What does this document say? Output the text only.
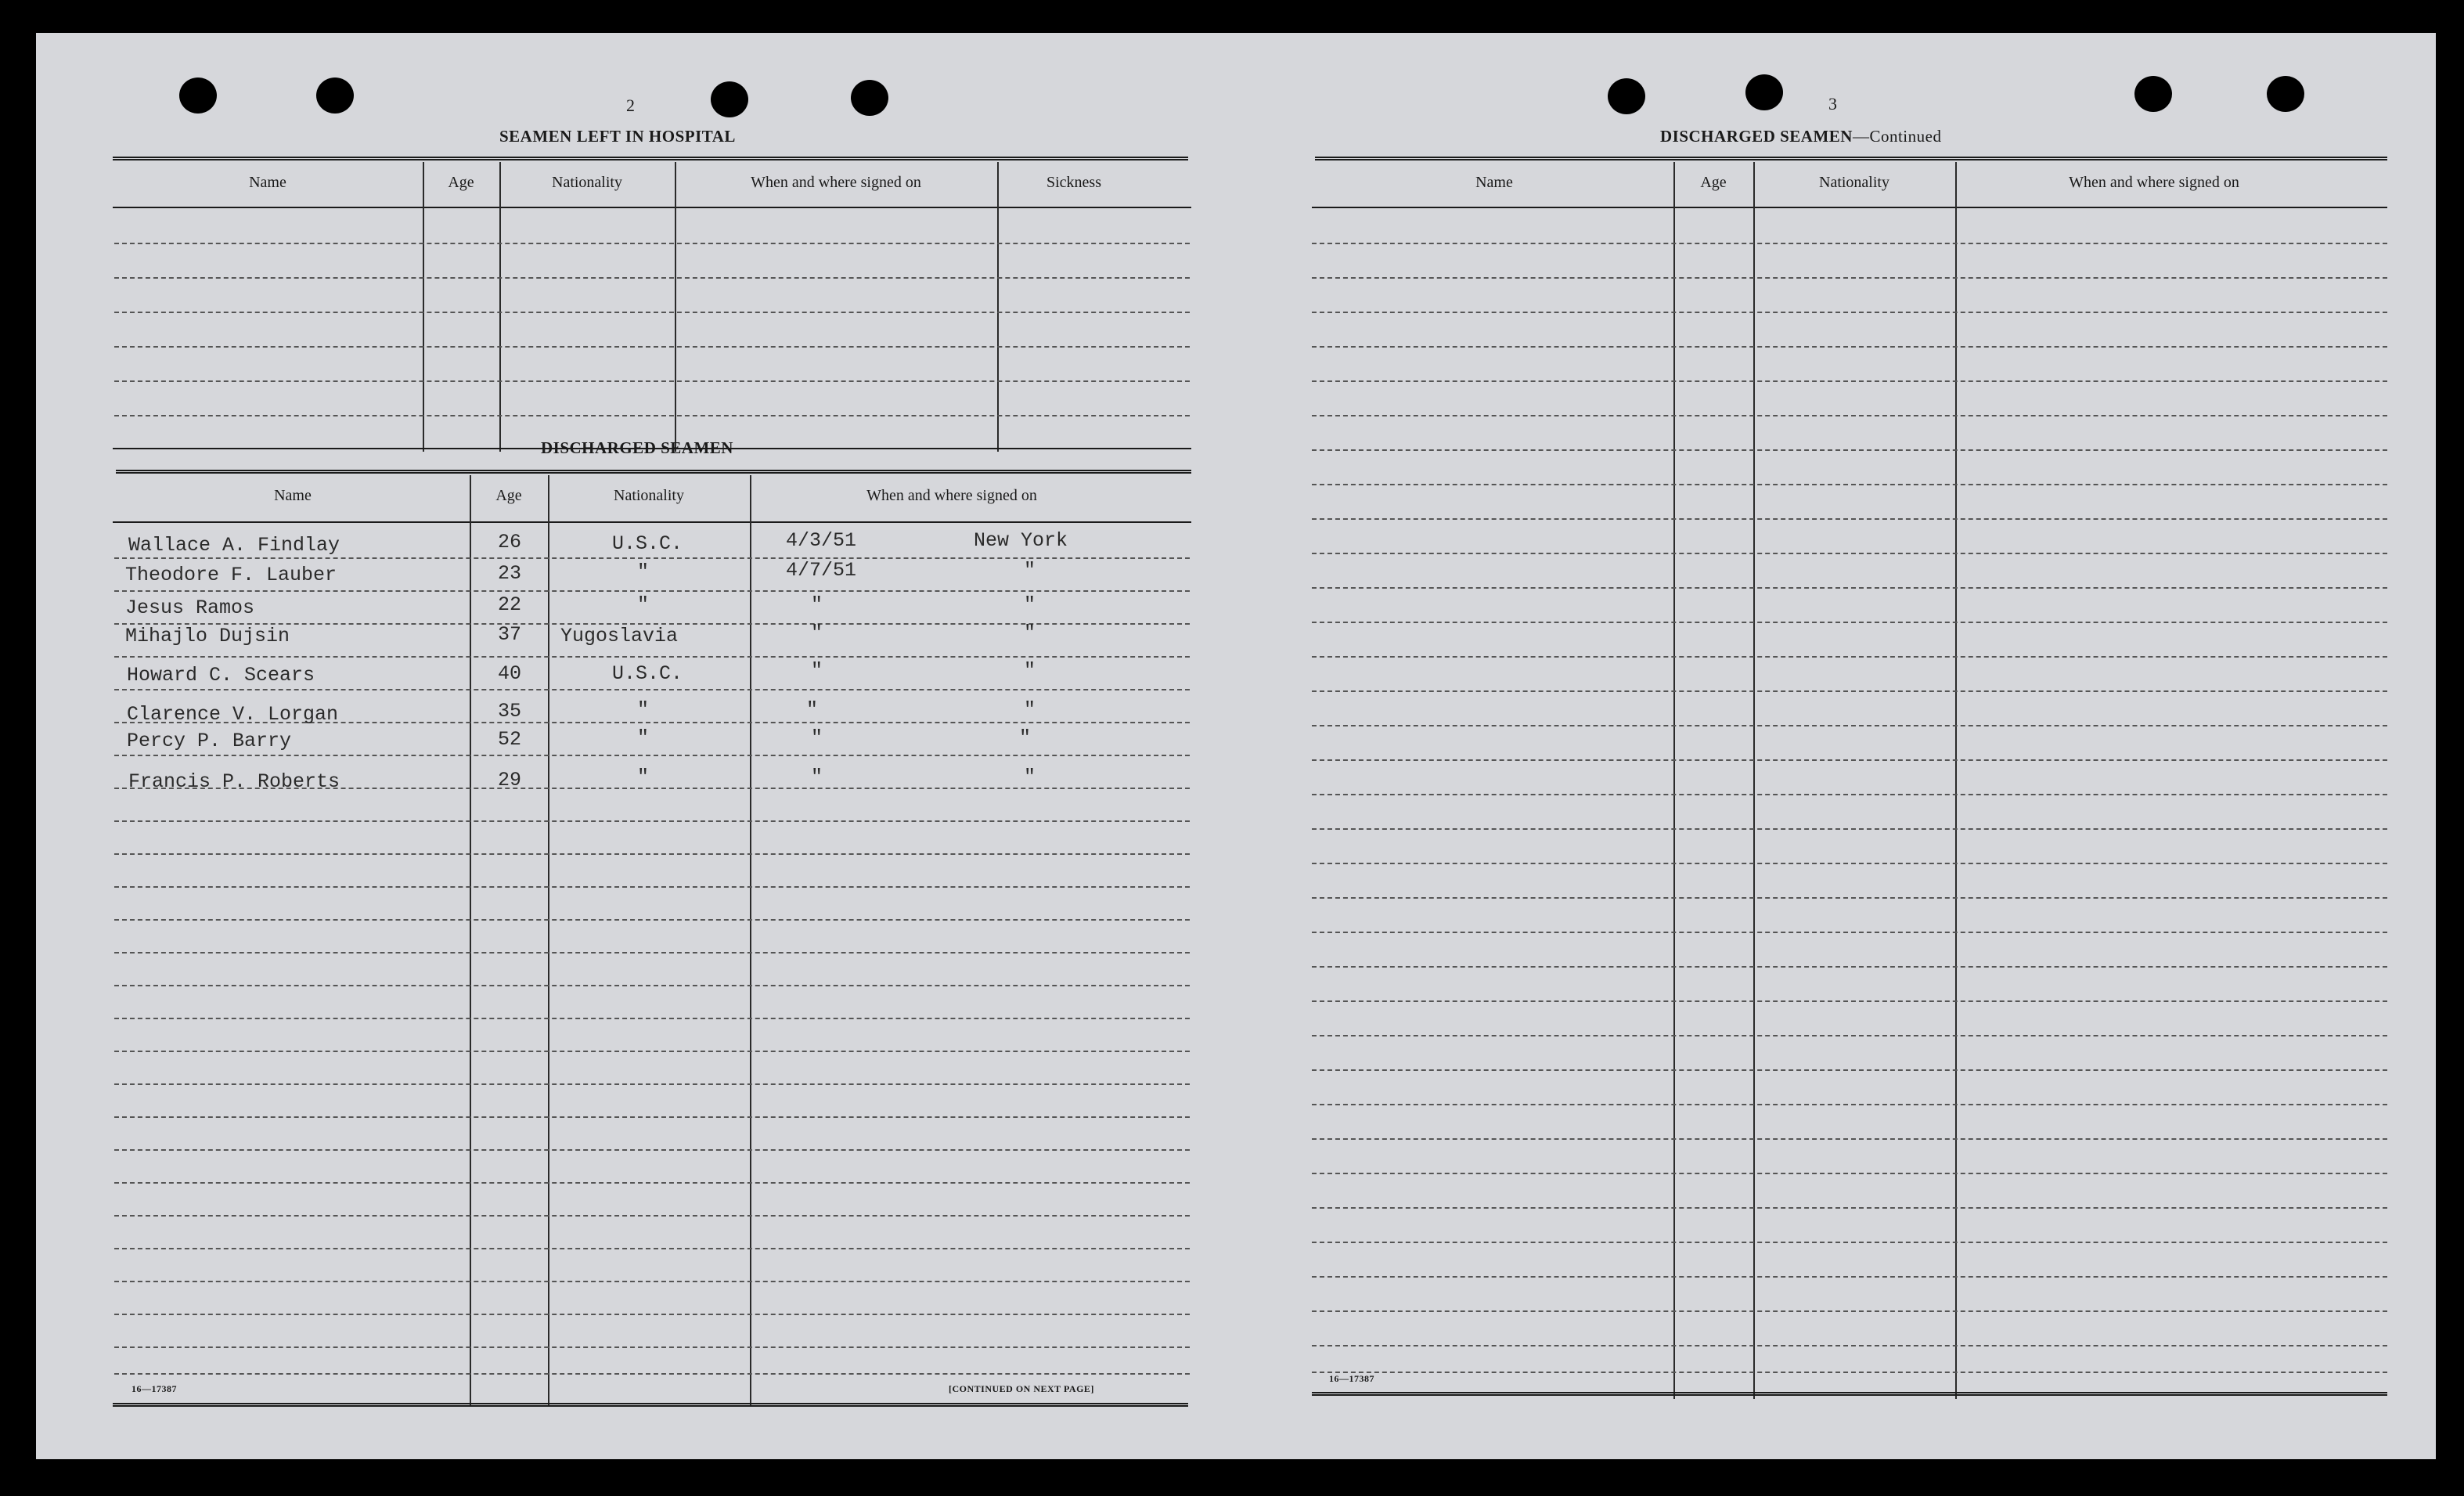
2
SEAMEN LEFT IN HOSPITAL
Name	Age	Nationality	When and where signed on	Sickness
DISCHARGED SEAMEN
Name	Age	Nationality	When and where signed on
Wallace A. Findlay	26	U.S.C.	4/3/51	New York
Theodore F. Lauber	23	"	4/7/51	"
Jesus Ramos	22	"	"	"
Mihajlo Dujsin	37 Yugoslavia	"	"
Howard C. Scears	40	U.S.C.	"	"
Clarence V. Lorgan	35	"	"	"
Percy P. Barry	52	"	"	"
Francis P. Roberts	29	"	"	"
16—17387	[CONTINUED ON NEXT PAGE]
3
DISCHARGED SEAMEN—Continued
Name	Age	Nationality	When and where signed on
16—17387
